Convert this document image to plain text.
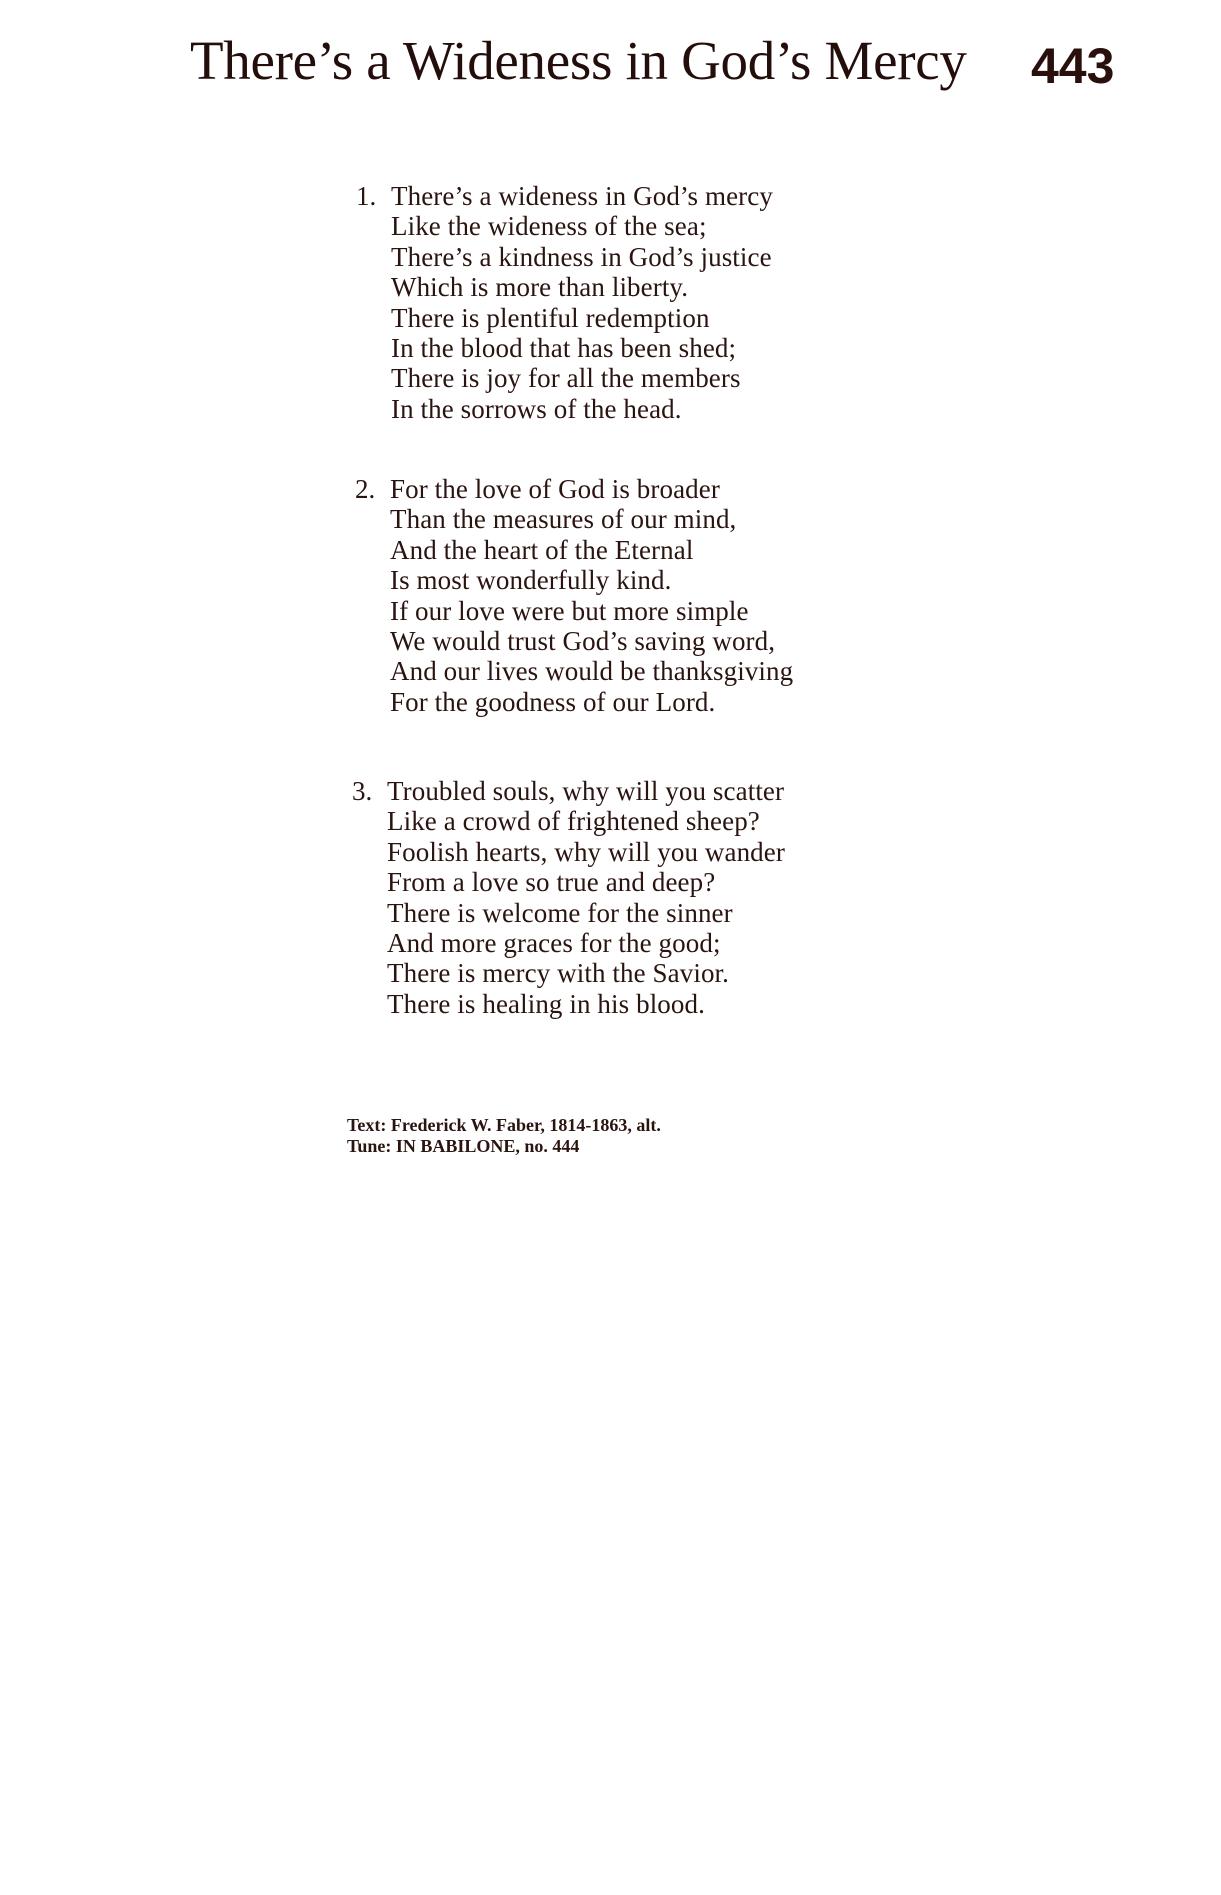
There’s a Wideness in God’s Mercy 443
1. There’s a wideness in God’s mercy
Like the wideness of the sea;
There’s a kindness in God’s justice
Which is more than liberty.
There is plentiful redemption
In the blood that has been shed;
There is joy for all the members
In the sorrows of the head.
2. For the love of God is broader
Than the measures of our mind,
And the heart of the Eternal
Is most wonderfully kind.
If our love were but more simple
We would trust God’s saving word,
And our lives would be thanksgiving
For the goodness of our Lord.
3. Troubled souls, why will you scatter
Like a crowd of frightened sheep?
Foolish hearts, why will you wander
From a love so true and deep?
There is welcome for the sinner
And more graces for the good;
There is mercy with the Savior.
There is healing in his blood.
Text: Frederick W. Faber, 1814-1863, alt.
Tune: IN BABILONE, no. 444
